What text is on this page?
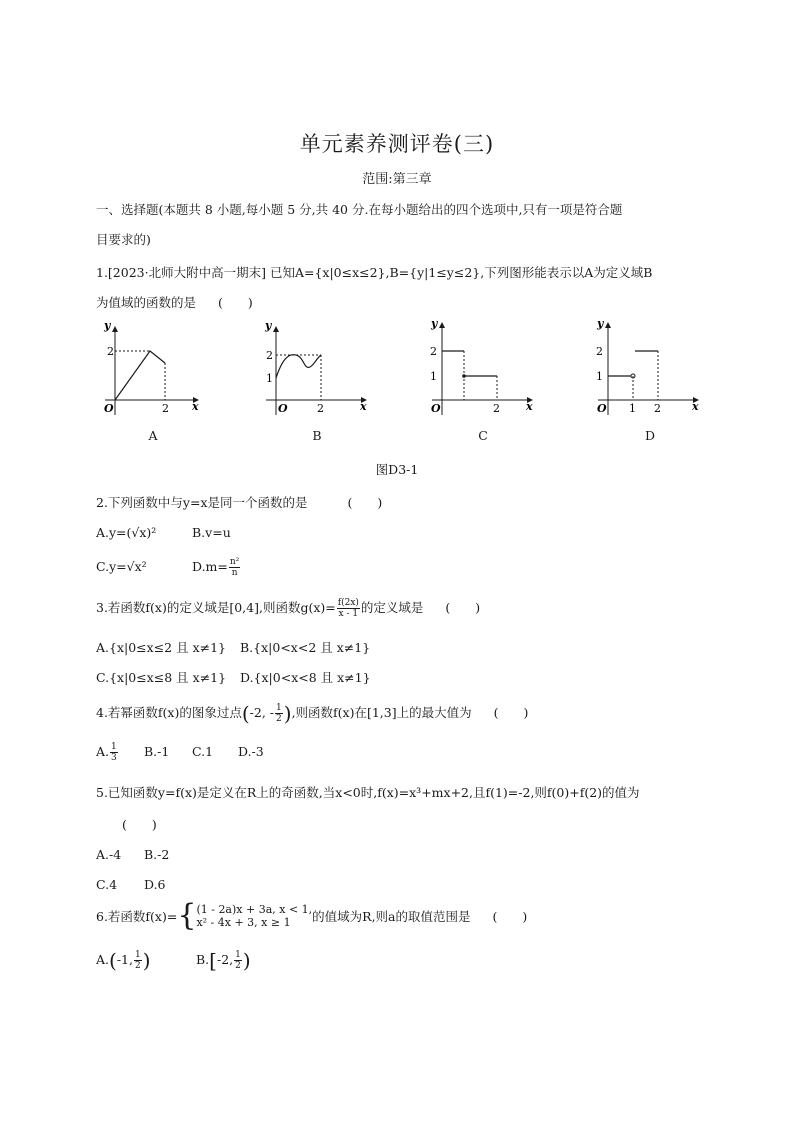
单元素养测评卷(三)
范围:第三章
一、选择题(本题共 8 小题,每小题 5 分,共 40 分.在每小题给出的四个选项中,只有一项是符合题
目要求的)
1.[2023·北师大附中高一期末] 已知A={x|0≤x≤2},B={y|1≤y≤2},下列图形能表示以A为定义域B
为值域的函数的是 (　　)
y
x
O
2
2
y
x
O
2
1
2
y
x
O
2
1
2
y
x
O
2
1
1 2
A	B	C	D
图D3-1
2.下列函数中与y=x是同一个函数的是	(　　)
A.y=(√x)²	B.v=u
C.y=√x²	$D.m= \frac{\text{n²}}{n}$
3.若函数f(x)的定义域是[0,4],则函数$g(x)= \frac{f(2x)}{x - 1}$ 的定义域是 (　　)
A.{x|0≤x≤2 且 x≠1} B.{x|0<x<2 且 x≠1}
C.{x|0≤x≤8 且 x≠1} D.{x|0<x<8 且 x≠1}
4.若幂函数f(x)的图象过点(-2, - $\frac{1}{2}$ ),则函数f(x)在[1,3]上的最大值为 (　　)
A. $\frac{1}{3} B.-1$ C.1 D.-3
5.已知函数y=f(x)是定义在R上的奇函数,当x<0时,f(x)=x³+mx+2,且f(1)=-2,则f(0)+f(2)的值为
(　　)
A.-4 B.-2
C.4 D.6
6.若函数f(x)={ (1 - 2a)x + 3a, x < 1,
x² - 4x + 3, x ≥ 1	的值域为R,则a的取值范围是 (　　)
A.(-1, $\frac{1}{2}$ )	B.[-2, $\frac{1}{2}$ )
